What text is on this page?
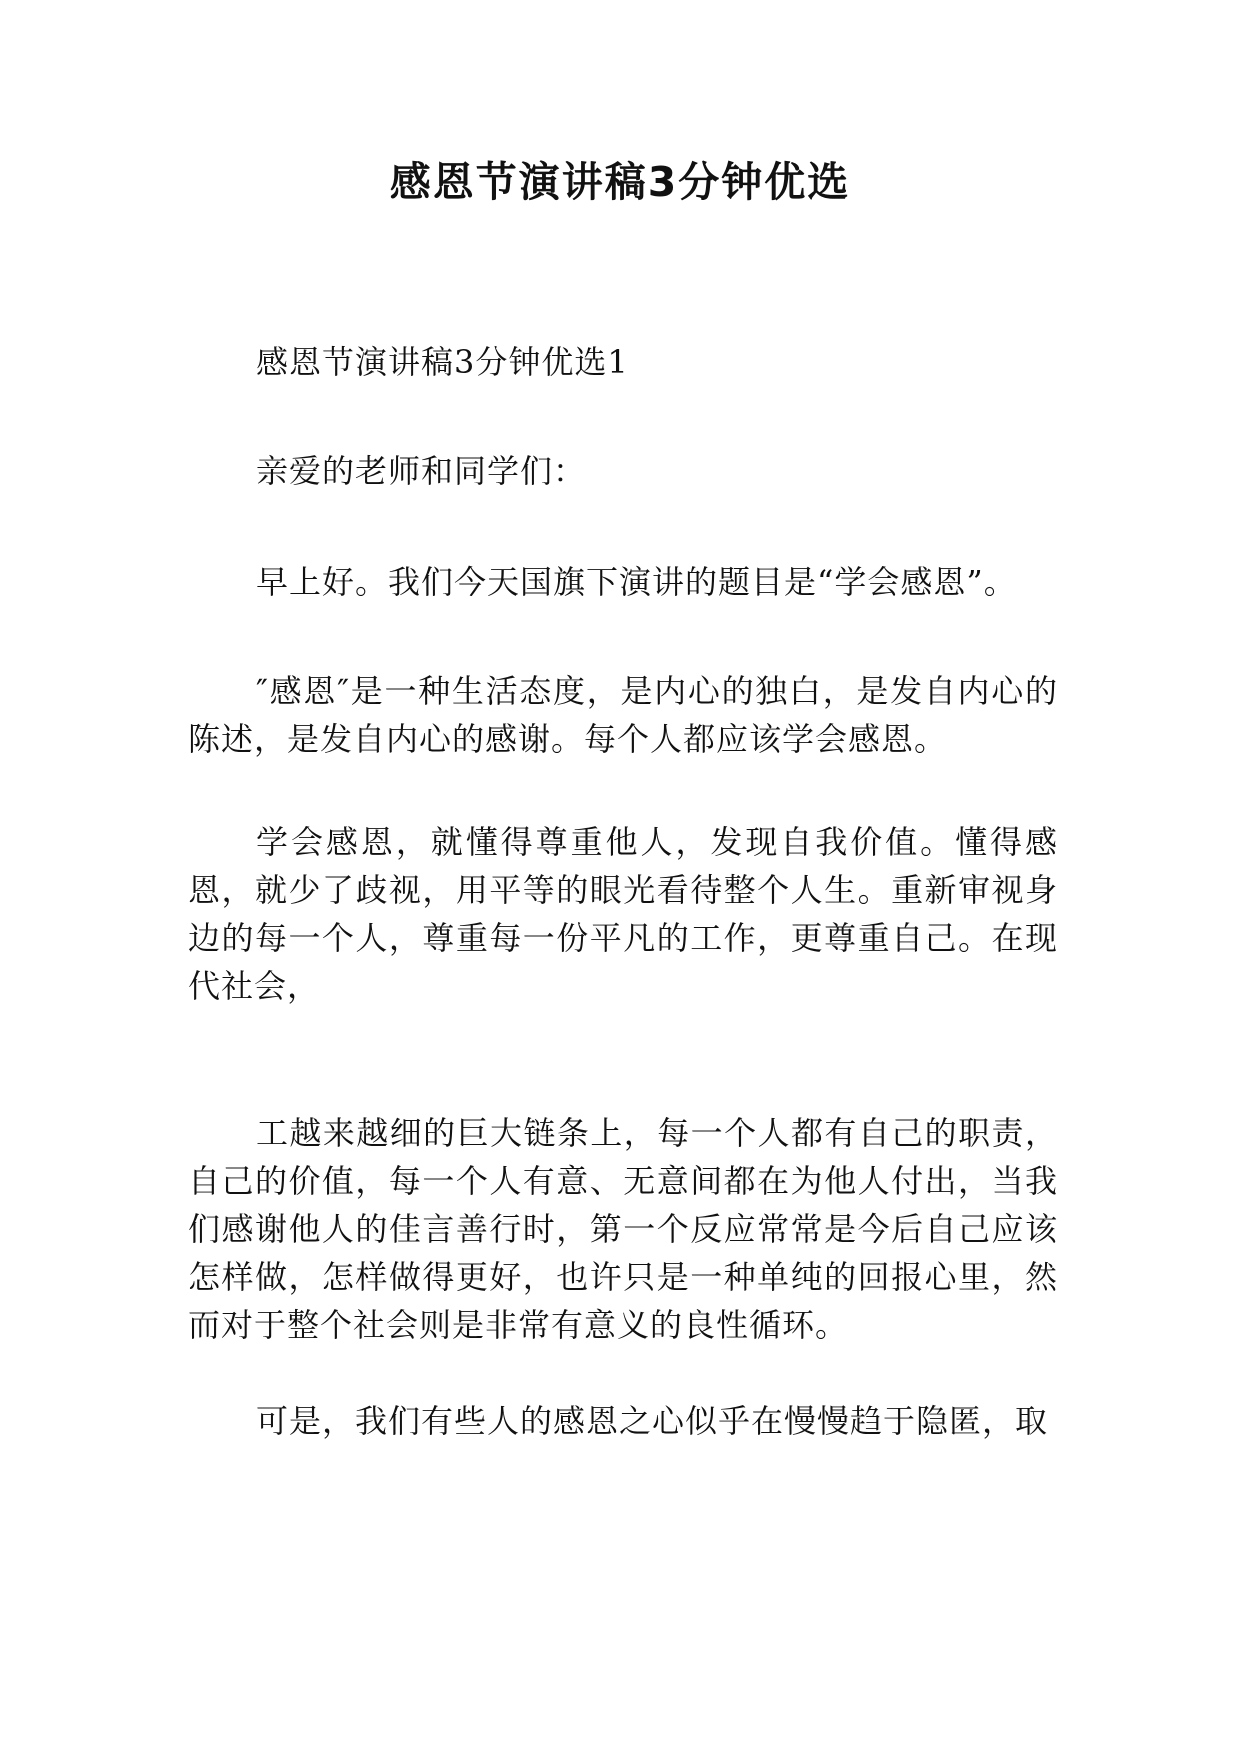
感恩节演讲稿3分钟优选

感恩节演讲稿3分钟优选1

亲爱的老师和同学们：

早上好。我们今天国旗下演讲的题目是“学会感恩”。

″感恩″是一种生活态度，是内心的独白，是发自内心的陈述，是发自内心的感谢。每个人都应该学会感恩。

学会感恩，就懂得尊重他人，发现自我价值。懂得感恩，就少了歧视，用平等的眼光看待整个人生。重新审视身边的每一个人，尊重每一份平凡的工作，更尊重自己。在现代社会，

工越来越细的巨大链条上，每一个人都有自己的职责，自己的价值，每一个人有意、无意间都在为他人付出，当我们感谢他人的佳言善行时，第一个反应常常是今后自己应该怎样做，怎样做得更好，也许只是一种单纯的回报心里，然而对于整个社会则是非常有意义的良性循环。

可是，我们有些人的感恩之心似乎在慢慢趋于隐匿，取
